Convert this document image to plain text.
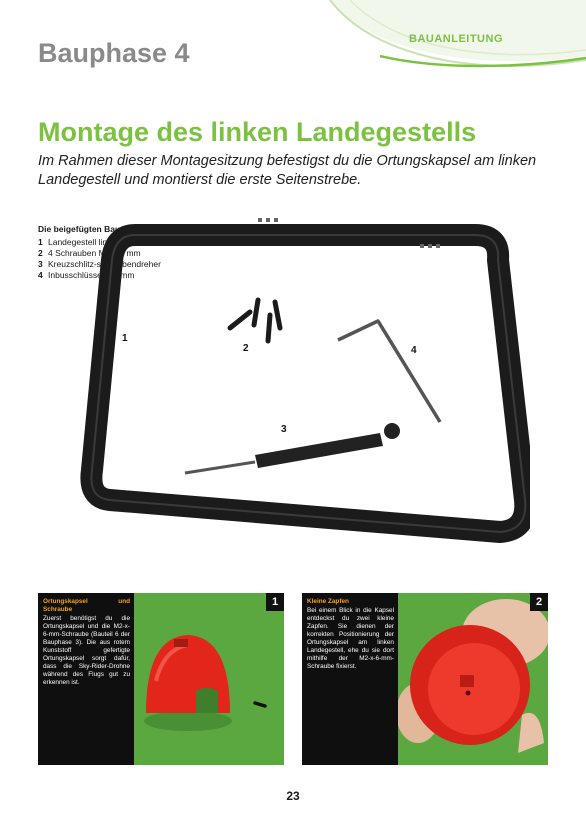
BAUANLEITUNG
Bauphase 4
Montage des linken Landegestells
Im Rahmen dieser Montagesitzung befestigst du die Ortungskapsel am linken Landegestell und montierst die erste Seitenstrebe.
Die beigefügten Bauteile
1 Landegestell links
2 4 Schrauben M3x12 mm
3 Kreuzschlitz-schraubendreher
4 Inbusschlüssel 1,5 mm
1
2
3
4
Ortungskapsel und Schraube
Zuerst benötigst du die Ortungskapsel und die M2-x-6-mm-Schraube (Bauteil 6 der Bauphase 3). Die aus rotem Kunststoff gefertigte Ortungskapsel sorgt dafür, dass die Sky-Rider-Drohne während des Flugs gut zu erkennen ist.
1	Kleine Zapfen
Bei einem Blick in die Kapsel entdeckst du zwei kleine Zapfen. Sie dienen der korrekten Positionierung der Ortungskapsel am linken Landegestell, ehe du sie dort mithilfe der M2-x-6-mm-Schraube fixierst.
2
23
